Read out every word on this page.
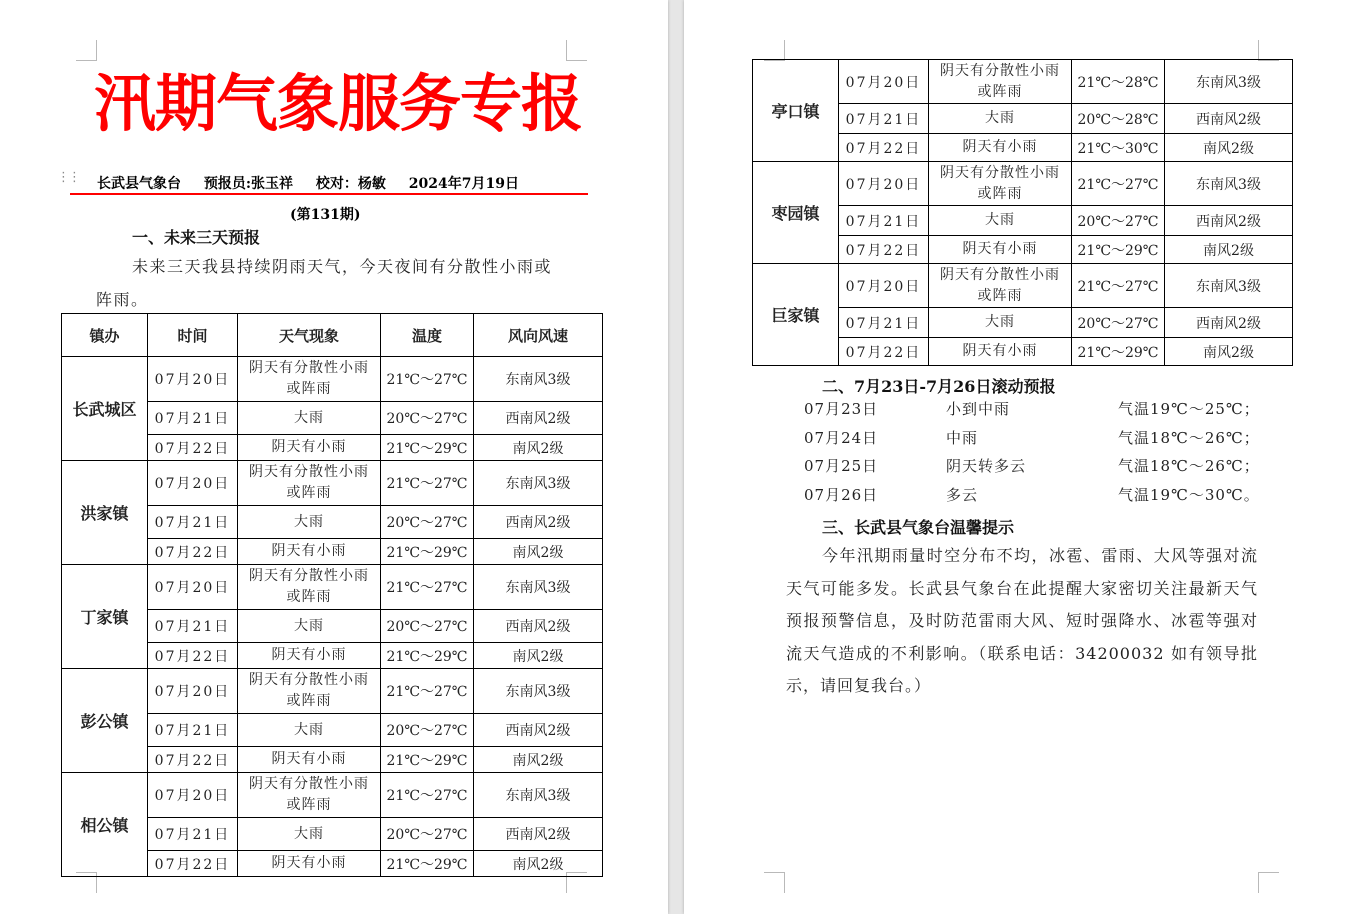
汛期气象服务专报
⋮⋮ 长武县气象台 预报员:张玉祥 校对：杨敏 2024年7月19日
(第131期)
一、未来三天预报
未来三天我县持续阴雨天气，今天夜间有分散性小雨或阵雨。
镇办	时间	天气现象	温度	风向风速
长武城区	07月20日	阴天有分散性小雨或阵雨	21℃～27℃	东南风3级
	07月21日	大雨	20℃～27℃	西南风2级
	07月22日	阴天有小雨	21℃～29℃	南风2级
洪家镇	07月20日	阴天有分散性小雨或阵雨	21℃～27℃	东南风3级
	07月21日	大雨	20℃～27℃	西南风2级
	07月22日	阴天有小雨	21℃～29℃	南风2级
丁家镇	07月20日	阴天有分散性小雨或阵雨	21℃～27℃	东南风3级
	07月21日	大雨	20℃～27℃	西南风2级
	07月22日	阴天有小雨	21℃～29℃	南风2级
彭公镇	07月20日	阴天有分散性小雨或阵雨	21℃～27℃	东南风3级
	07月21日	大雨	20℃～27℃	西南风2级
	07月22日	阴天有小雨	21℃～29℃	南风2级
相公镇	07月20日	阴天有分散性小雨或阵雨	21℃～27℃	东南风3级
	07月21日	大雨	20℃～27℃	西南风2级
	07月22日	阴天有小雨	21℃～29℃	南风2级
亭口镇	07月20日	阴天有分散性小雨或阵雨	21℃～28℃	东南风3级
	07月21日	大雨	20℃～28℃	西南风2级
	07月22日	阴天有小雨	21℃～30℃	南风2级
枣园镇	07月20日	阴天有分散性小雨或阵雨	21℃～27℃	东南风3级
	07月21日	大雨	20℃～27℃	西南风2级
	07月22日	阴天有小雨	21℃～29℃	南风2级
巨家镇	07月20日	阴天有分散性小雨或阵雨	21℃～27℃	东南风3级
	07月21日	大雨	20℃～27℃	西南风2级
	07月22日	阴天有小雨	21℃～29℃	南风2级
二、7月23日-7月26日滚动预报
07月23日	小到中雨	气温19℃～25℃；
07月24日	中雨	气温18℃～26℃；
07月25日	阴天转多云	气温18℃～26℃；
07月26日	多云	气温19℃～30℃。
三、长武县气象台温馨提示
今年汛期雨量时空分布不均，冰雹、雷雨、大风等强对流天气可能多发。长武县气象台在此提醒大家密切关注最新天气预报预警信息，及时防范雷雨大风、短时强降水、冰雹等强对流天气造成的不利影响。（联系电话：34200032 如有领导批示，请回复我台。）
